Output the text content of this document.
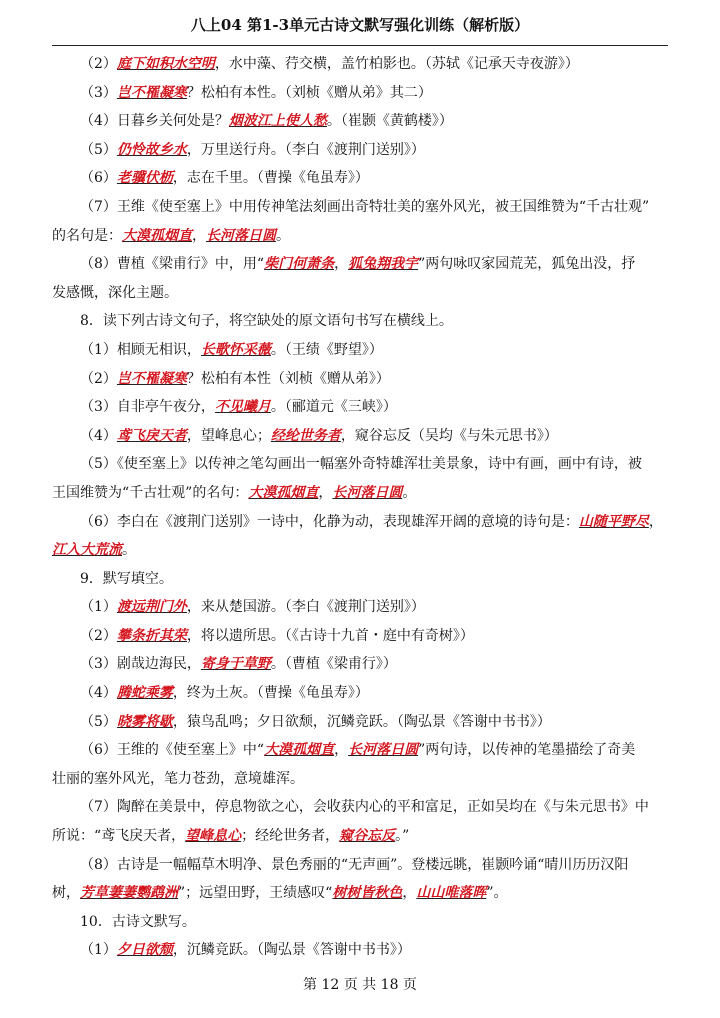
八上04 第1-3单元古诗文默写强化训练（解析版）
（2）庭下如积水空明，水中藻、荇交横，盖竹柏影也。（苏轼《记承天寺夜游》）
（3）岂不罹凝寒？松柏有本性。（刘桢《赠从弟》其二）
（4）日暮乡关何处是？烟波江上使人愁。（崔颢《黄鹤楼》）
（5）仍怜故乡水，万里送行舟。（李白《渡荆门送别》）
（6）老骥伏枥，志在千里。（曹操《龟虽寿》）
（7）王维《使至塞上》中用传神笔法刻画出奇特壮美的塞外风光，被王国维赞为“千古壮观”
的名句是：大漠孤烟直，长河落日圆。
（8）曹植《梁甫行》中，用“柴门何萧条，狐兔翔我宇”两句咏叹家园荒芜，狐兔出没，抒
发感慨，深化主题。
8．读下列古诗文句子，将空缺处的原文语句书写在横线上。
（1）相顾无相识，长歌怀采薇。（王绩《野望》）
（2）岂不罹凝寒？松柏有本性（刘桢《赠从弟》）
（3）自非亭午夜分，不见曦月。（郦道元《三峡》）
（4）鸢飞戾天者，望峰息心；经纶世务者，窥谷忘反（吴均《与朱元思书》）
（5）《使至塞上》以传神之笔勾画出一幅塞外奇特雄浑壮美景象，诗中有画，画中有诗，被
王国维赞为“千古壮观”的名句：大漠孤烟直，长河落日圆。
（6）李白在《渡荆门送别》一诗中，化静为动，表现雄浑开阔的意境的诗句是：山随平野尽，
江入大荒流。
9．默写填空。
（1）渡远荆门外，来从楚国游。（李白《渡荆门送别》）
（2）攀条折其荣，将以遗所思。（《古诗十九首・庭中有奇树》）
（3）剧哉边海民，寄身于草野。（曹植《梁甫行》）
（4）腾蛇乘雾，终为土灰。（曹操《龟虽寿》）
（5）晓雾将歇，猿鸟乱鸣；夕日欲颓，沉鳞竞跃。（陶弘景《答谢中书书》）
（6）王维的《使至塞上》中“大漠孤烟直，长河落日圆”两句诗，以传神的笔墨描绘了奇美
壮丽的塞外风光，笔力苍劲，意境雄浑。
（7）陶醉在美景中，停息物欲之心，会收获内心的平和富足，正如吴均在《与朱元思书》中
所说：“鸢飞戾天者，望峰息心；经纶世务者，窥谷忘反。”
（8）古诗是一幅幅草木明净、景色秀丽的“无声画”。登楼远眺，崔颢吟诵“晴川历历汉阳
树，芳草萋萋鹦鹉洲”；远望田野，王绩感叹“树树皆秋色，山山唯落晖”。
10．古诗文默写。
（1）夕日欲颓，沉鳞竞跃。（陶弘景《答谢中书书》）
第 12 页 共 18 页
